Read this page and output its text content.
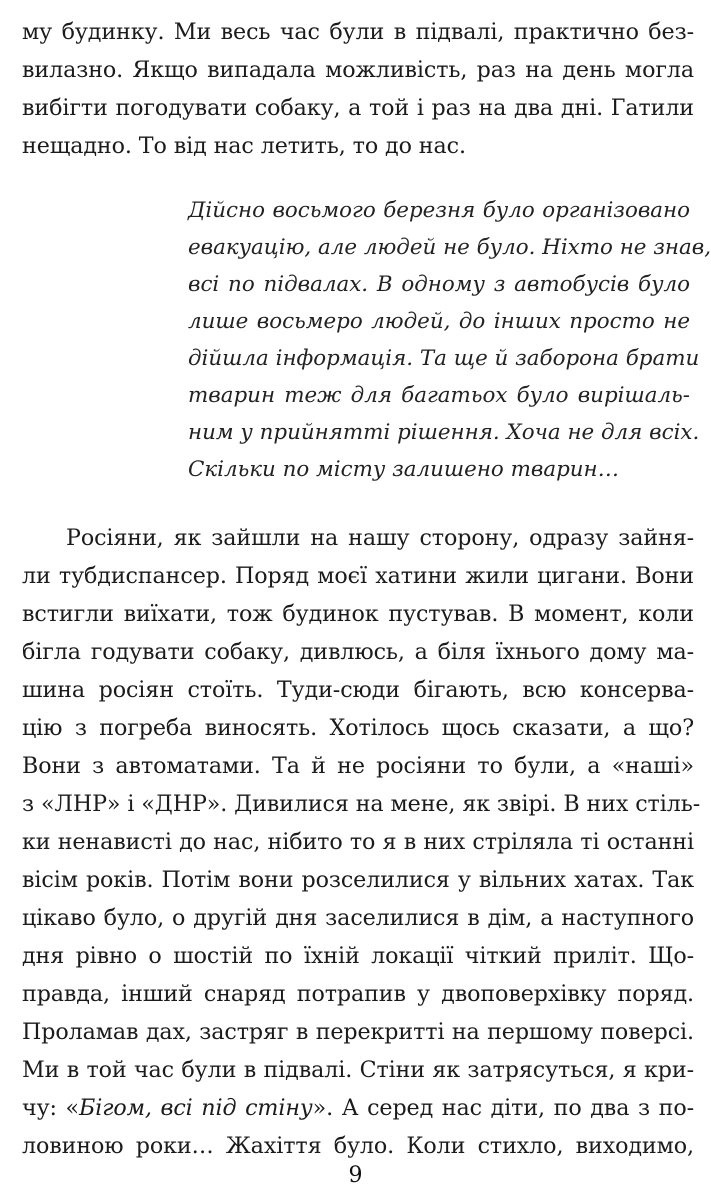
му будинку. Ми весь час були в підвалі, практично без-
вилазно. Якщо випадала можливість, раз на день могла
вибігти погодувати собаку, а той і раз на два дні. Гатили
нещадно. То від нас летить, то до нас.
Дійсно восьмого березня було організовано
евакуацію, але людей не було. Ніхто не знав,
всі по підвалах. В одному з автобусів було
лише восьмеро людей, до інших просто не
дійшла інформація. Та ще й заборона брати
тварин теж для багатьох було вирішаль-
ним у прийнятті рішення. Хоча не для всіх.
Скільки по місту залишено тварин…
Росіяни, як зайшли на нашу сторону, одразу зайня-
ли тубдиспансер. Поряд моєї хатини жили цигани. Вони
встигли виїхати, тож будинок пустував. В момент, коли
бігла годувати собаку, дивлюсь, а біля їхнього дому ма-
шина росіян стоїть. Туди-сюди бігають, всю консерва-
цію з погреба виносять. Хотілось щось сказати, а що?
Вони з автоматами. Та й не росіяни то були, а «наші»
з «ЛНР» і «ДНР». Дивилися на мене, як звірі. В них стіль-
ки ненависті до нас, нібито то я в них стріляла ті останні
вісім років. Потім вони розселилися у вільних хатах. Так
цікаво було, о другій дня заселилися в дім, а наступного
дня рівно о шостій по їхній локації чіткий приліт. Що-
правда, інший снаряд потрапив у двоповерхівку поряд.
Проламав дах, застряг в перекритті на першому поверсі.
Ми в той час були в підвалі. Стіни як затрясуться, я кри-
чу: «Бігом, всі під стіну». А серед нас діти, по два з по-
ловиною роки… Жахіття було. Коли стихло, виходимо,
9
